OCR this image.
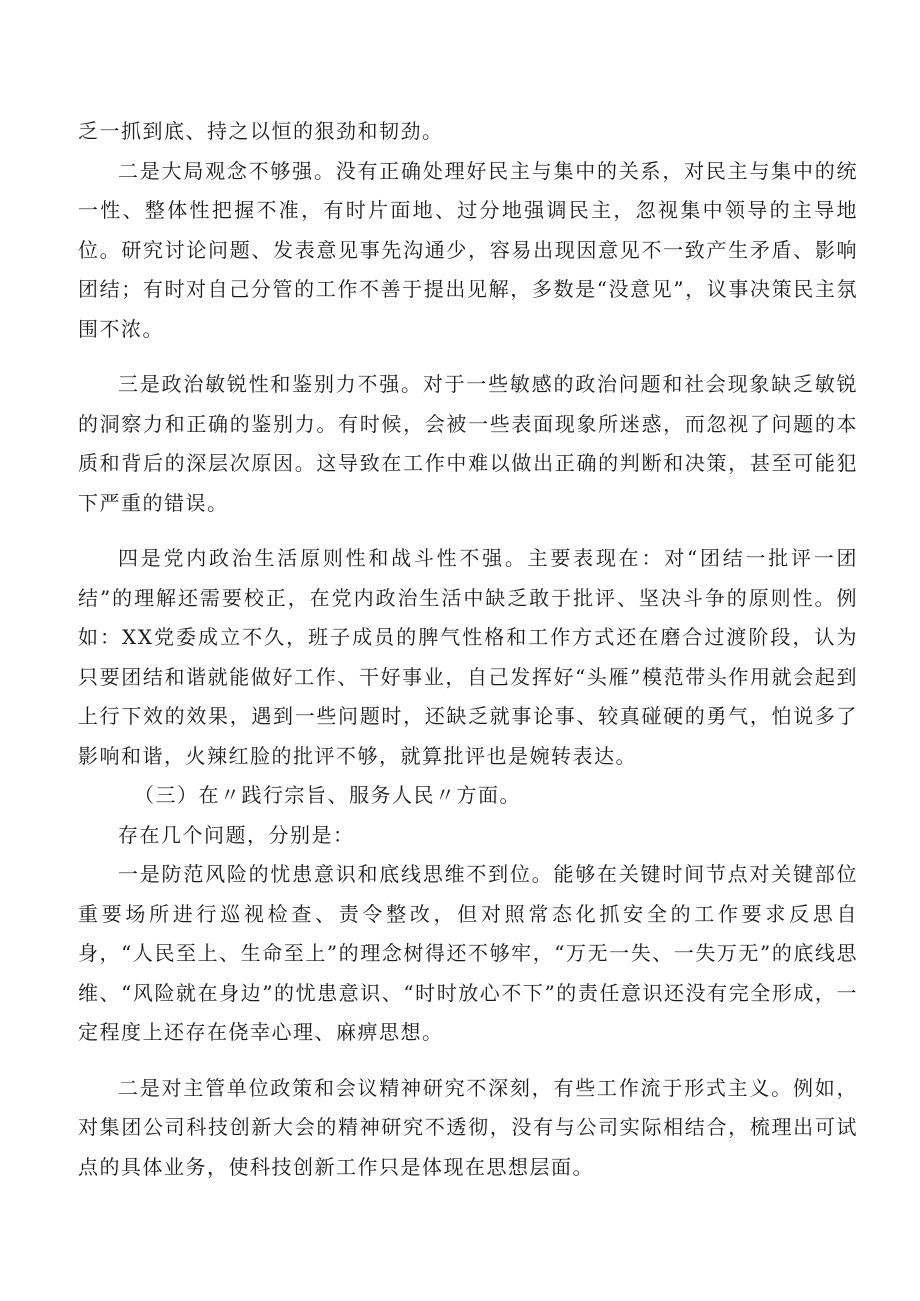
乏一抓到底、持之以恒的狠劲和韧劲。

二是大局观念不够强。没有正确处理好民主与集中的关系，对民主与集中的统一性、整体性把握不准，有时片面地、过分地强调民主，忽视集中领导的主导地位。研究讨论问题、发表意见事先沟通少，容易出现因意见不一致产生矛盾、影响团结；有时对自己分管的工作不善于提出见解，多数是“没意见”，议事决策民主氛围不浓。

三是政治敏锐性和鉴别力不强。对于一些敏感的政治问题和社会现象缺乏敏锐的洞察力和正确的鉴别力。有时候，会被一些表面现象所迷惑，而忽视了问题的本质和背后的深层次原因。这导致在工作中难以做出正确的判断和决策，甚至可能犯下严重的错误。

四是党内政治生活原则性和战斗性不强。主要表现在：对“团结一批评一团结”的理解还需要校正，在党内政治生活中缺乏敢于批评、坚决斗争的原则性。例如：XX党委成立不久，班子成员的脾气性格和工作方式还在磨合过渡阶段，认为只要团结和谐就能做好工作、干好事业，自己发挥好“头雁”模范带头作用就会起到上行下效的效果，遇到一些问题时，还缺乏就事论事、较真碰硬的勇气，怕说多了影响和谐，火辣红脸的批评不够，就算批评也是婉转表达。

（三）在〃践行宗旨、服务人民〃方面。

存在几个问题，分别是：

一是防范风险的忧患意识和底线思维不到位。能够在关键时间节点对关键部位重要场所进行巡视检查、责令整改，但对照常态化抓安全的工作要求反思自身，“人民至上、生命至上”的理念树得还不够牢，“万无一失、一失万无”的底线思维、“风险就在身边”的忧患意识、“时时放心不下”的责任意识还没有完全形成，一定程度上还存在侥幸心理、麻痹思想。

二是对主管单位政策和会议精神研究不深刻，有些工作流于形式主义。例如，对集团公司科技创新大会的精神研究不透彻，没有与公司实际相结合，梳理出可试点的具体业务，使科技创新工作只是体现在思想层面。
